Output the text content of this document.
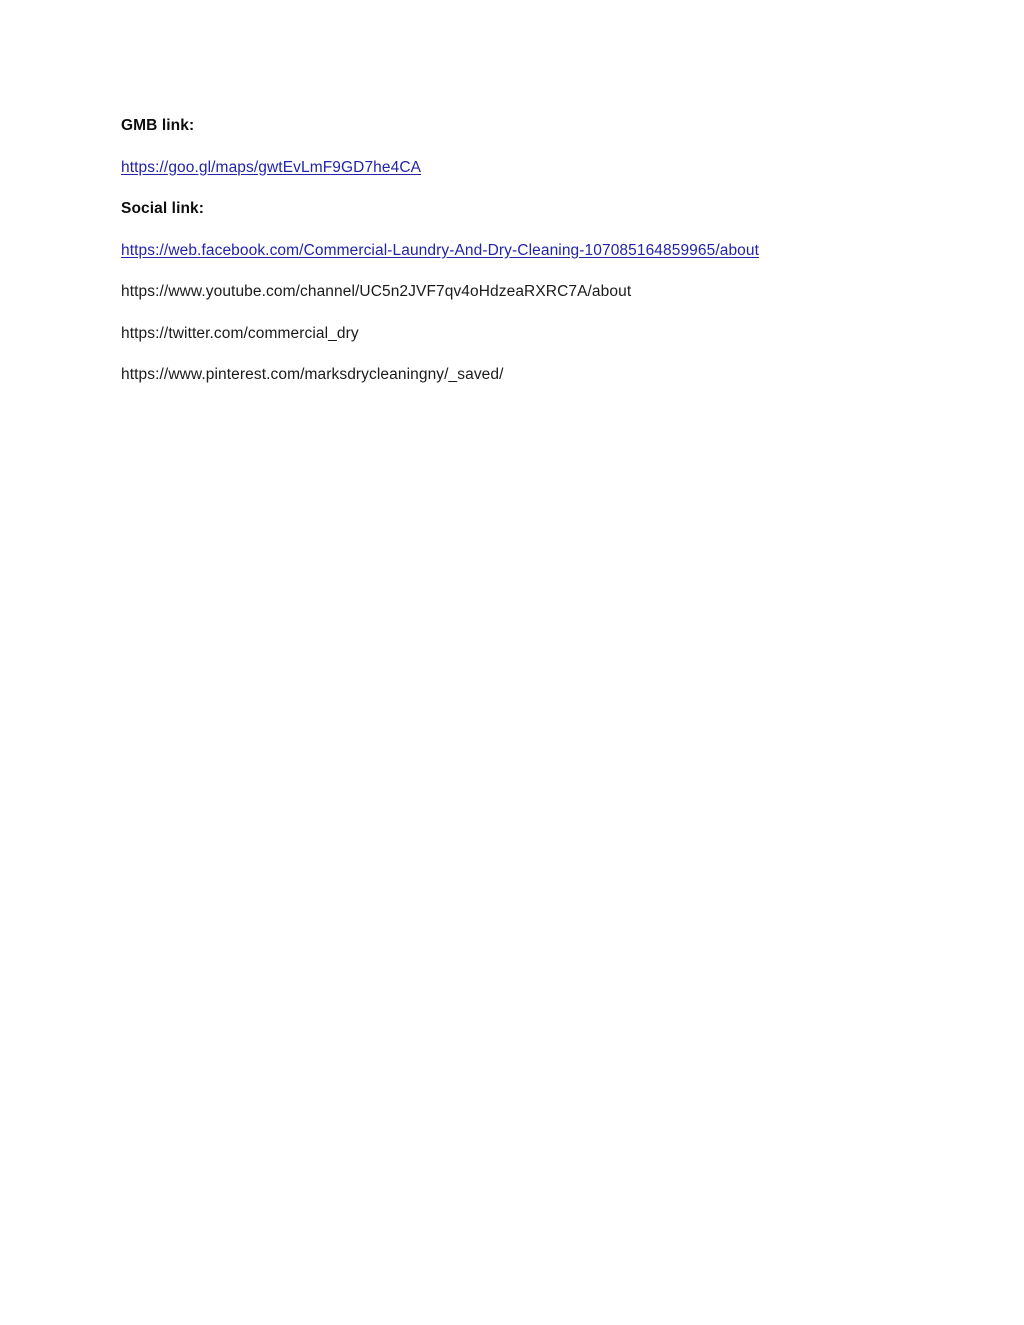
GMB link:

https://goo.gl/maps/gwtEvLmF9GD7he4CA

Social link:

https://web.facebook.com/Commercial-Laundry-And-Dry-Cleaning-107085164859965/about

https://www.youtube.com/channel/UC5n2JVF7qv4oHdzeaRXRC7A/about

https://twitter.com/commercial_dry

https://www.pinterest.com/marksdrycleaningny/_saved/
